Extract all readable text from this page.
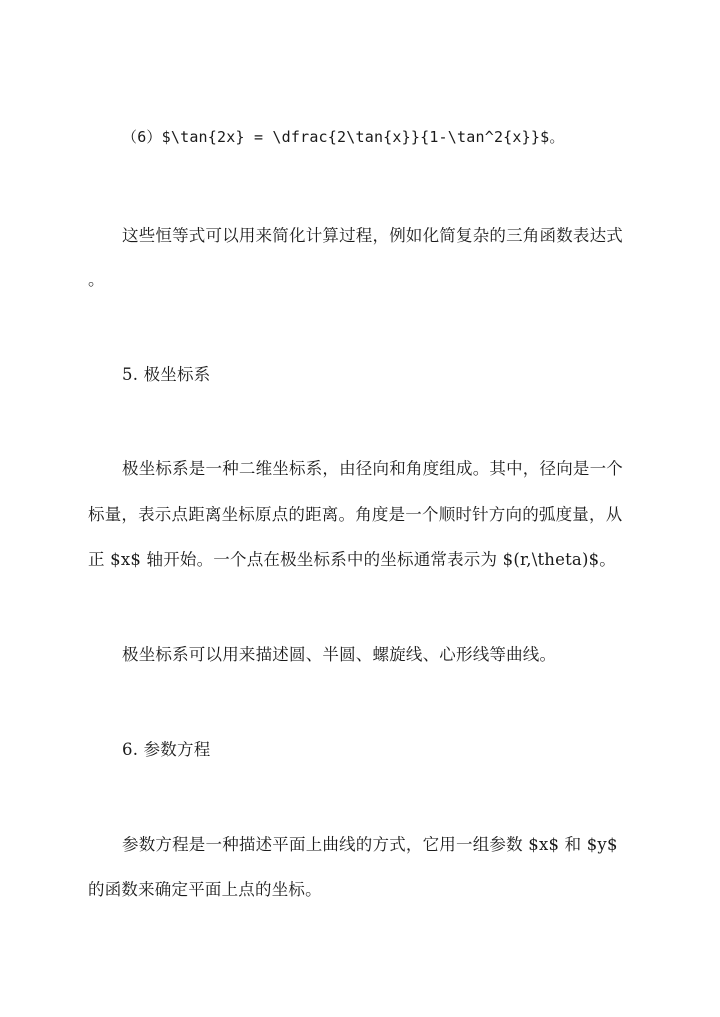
（6）$\tan{2x} = \dfrac{2\tan{x}}{1-\tan^2{x}}$。
这些恒等式可以用来简化计算过程，例如化简复杂的三角函数表达式
。
5. 极坐标系
极坐标系是一种二维坐标系，由径向和角度组成。其中，径向是一个
标量，表示点距离坐标原点的距离。角度是一个顺时针方向的弧度量，从
正 $x$ 轴开始。一个点在极坐标系中的坐标通常表示为 $(r,\theta)$。
极坐标系可以用来描述圆、半圆、螺旋线、心形线等曲线。
6. 参数方程
参数方程是一种描述平面上曲线的方式，它用一组参数 $x$ 和 $y$
的函数来确定平面上点的坐标。
